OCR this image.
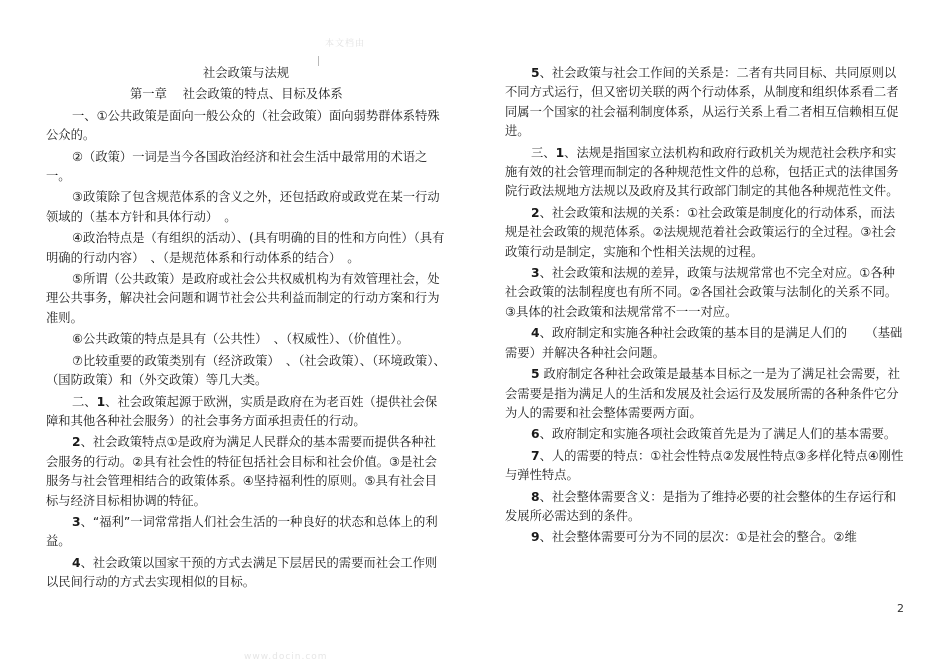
本文档由

社会政策与法规

第一章 社会政策的特点、目标及体系

一、①公共政策是面向一般公众的（社会政策）面向弱势群体系特殊公众的。

②（政策）一词是当今各国政治经济和社会生活中最常用的术语之一。

③政策除了包含规范体系的含义之外，还包括政府或政党在某一行动领域的（基本方针和具体行动）　。

④政治特点是（有组织的活动）、(具有明确的目的性和方向性）（具有明确的行动内容）　、（是规范体系和行动体系的结合）　。

⑤所谓（公共政策）是政府或社会公共权威机构为有效管理社会，处理公共事务，解决社会问题和调节社会公共利益而制定的行动方案和行为准则。

⑥公共政策的特点是具有（公共性）　、（权威性）、（价值性）。

⑦比较重要的政策类别有（经济政策）　、（社会政策）、（环境政策）、（国防政策）和（外交政策）等几大类。

二、1、社会政策起源于欧洲，实质是政府在为老百姓（提供社会保障和其他各种社会服务）的社会事务方面承担责任的行动。

2、社会政策特点①是政府为满足人民群众的基本需要而提供各种社会服务的行动。②具有社会性的特征包括社会目标和社会价值。③是社会服务与社会管理相结合的政策体系。④坚持福利性的原则。⑤具有社会目标与经济目标相协调的特征。

3、“福利”一词常常指人们社会生活的一种良好的状态和总体上的利益。

4、社会政策以国家干预的方式去满足下层居民的需要而社会工作则以民间行动的方式去实现相似的目标。

5、社会政策与社会工作间的关系是：二者有共同目标、共同原则以不同方式运行，但又密切关联的两个行动体系，从制度和组织体系看二者同属一个国家的社会福利制度体系，从运行关系上看二者相互信赖相互促进。

三、1、法规是指国家立法机构和政府行政机关为规范社会秩序和实施有效的社会管理而制定的各种规范性文件的总称，包括正式的法律国务院行政法规地方法规以及政府及其行政部门制定的其他各种规范性文件。

2、社会政策和法规的关系：①社会政策是制度化的行动体系，而法规是社会政策的规范体系。②法规规范着社会政策运行的全过程。③社会政策行动是制定，实施和个性相关法规的过程。

3、社会政策和法规的差异，政策与法规常常也不完全对应。①各种社会政策的法制程度也有所不同。②各国社会政策与法制化的关系不同。③具体的社会政策和法规常常不一一对应。

4、政府制定和实施各种社会政策的基本目的是满足人们的　　（基础需要）并解决各种社会问题。

5 政府制定各种社会政策是最基本目标之一是为了满足社会需要，社会需要是指为满足人的生活和发展及社会运行及发展所需的各种条件它分为人的需要和社会整体需要两方面。

6、政府制定和实施各项社会政策首先是为了满足人们的基本需要。

7、人的需要的特点：①社会性特点②发展性特点③多样化特点④刚性与弹性特点。

8、社会整体需要含义：是指为了维持必要的社会整体的生存运行和发展所必需达到的条件。

9、社会整体需要可分为不同的层次：①是社会的整合。②维

2
www.docin.com
